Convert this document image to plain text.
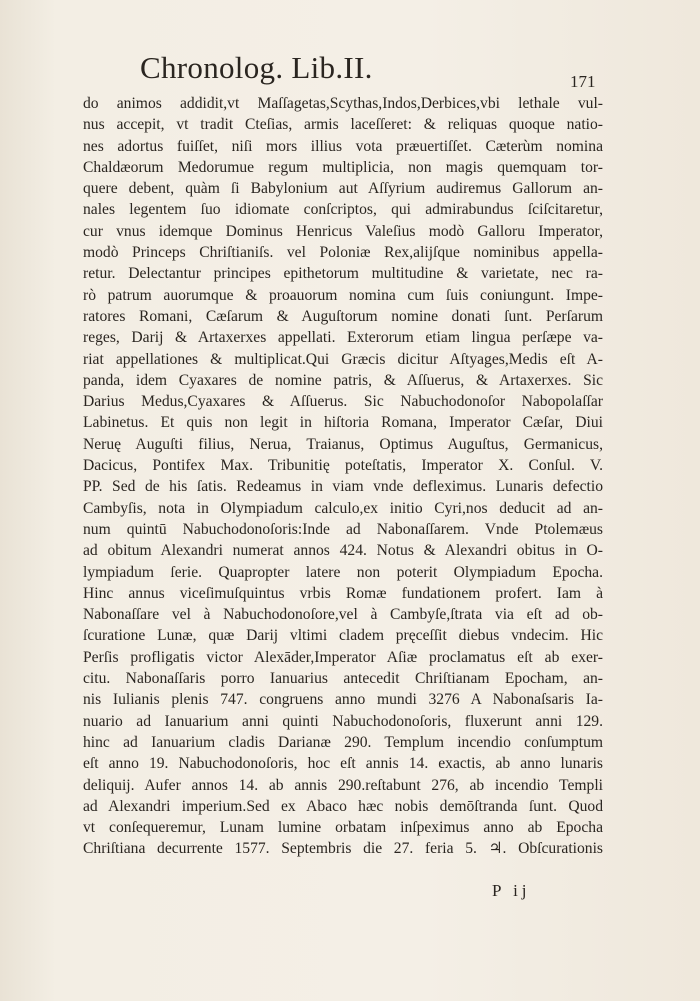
Chronolog. Lib.II.	171
do animos addidit,vt Maſſagetas,Scythas,Indos,Derbices,vbi lethale vul-
nus accepit, vt tradit Cteſias, armis laceſſeret: & reliquas quoque natio-
nes adortus fuiſſet, niſi mors illius vota præuertiſſet. Cæterùm nomina
Chaldæorum Medorumue regum multiplicia, non magis quemquam tor-
quere debent, quàm ſi Babylonium aut Aſſyrium audiremus Gallorum an-
nales legentem ſuo idiomate conſcriptos, qui admirabundus ſciſcitaretur,
cur vnus idemque Dominus Henricus Valeſius modò Galloru Imperator,
modò Princeps Chriſtianiſs. vel Poloniæ Rex,alijſque nominibus appella-
retur. Delectantur principes epithetorum multitudine & varietate, nec ra-
rò patrum auorumque & proauorum nomina cum ſuis coniungunt. Impe-
ratores Romani, Cæſarum & Auguſtorum nomine donati ſunt. Perſarum
reges, Darij & Artaxerxes appellati. Exterorum etiam lingua perſæpe va-
riat appellationes & multiplicat.Qui Græcis dicitur Aſtyages,Medis eſt A-
panda, idem Cyaxares de nomine patris, & Aſſuerus, & Artaxerxes. Sic
Darius Medus,Cyaxares & Aſſuerus. Sic Nabuchodonoſor Nabopolaſſar
Labinetus. Et quis non legit in hiſtoria Romana, Imperator Cæſar, Diui
Neruę Auguſti filius, Nerua, Traianus, Optimus Auguſtus, Germanicus,
Dacicus, Pontifex Max. Tribunitię poteſtatis, Imperator X. Conſul. V.
PP. Sed de his ſatis. Redeamus in viam vnde defleximus. Lunaris defectio
Cambyſis, nota in Olympiadum calculo,ex initio Cyri,nos deducit ad an-
num quintū Nabuchodonoſoris:Inde ad Nabonaſſarem. Vnde Ptolemæus
ad obitum Alexandri numerat annos 424. Notus & Alexandri obitus in O-
lympiadum ſerie. Quapropter latere non poterit Olympiadum Epocha.
Hinc annus viceſimuſquintus vrbis Romæ fundationem profert. Iam à
Nabonaſſare vel à Nabuchodonoſore,vel à Cambyſe,ſtrata via eſt ad ob-
ſcuratione Lunæ, quæ Darij vltimi cladem pręceſſit diebus vndecim. Hic
Perſis profligatis victor Alexāder,Imperator Aſiæ proclamatus eſt ab exer-
citu. Nabonaſſaris porro Ianuarius antecedit Chriſtianam Epocham, an-
nis Iulianis plenis 747. congruens anno mundi 3276 A Nabonaſsaris Ia-
nuario ad Ianuarium anni quinti Nabuchodonoſoris, fluxerunt anni 129.
hinc ad Ianuarium cladis Darianæ 290. Templum incendio conſumptum
eſt anno 19. Nabuchodonoſoris, hoc eſt annis 14. exactis, ab anno lunaris
deliquij. Aufer annos 14. ab annis 290.reſtabunt 276, ab incendio Templi
ad Alexandri imperium.Sed ex Abaco hæc nobis demōſtranda ſunt. Quod
vt conſequeremur, Lunam lumine orbatam inſpeximus anno ab Epocha
Chriſtiana decurrente 1577. Septembris die 27. feria 5. ♃. Obſcurationis
P ij
